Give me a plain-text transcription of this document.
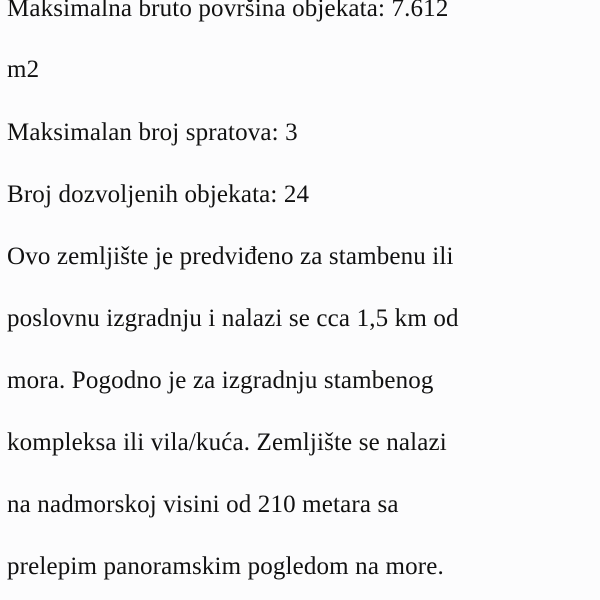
Maksimalna bruto površina objekata: 7.612

m2

Maksimalan broj spratova: 3

Broj dozvoljenih objekata: 24

Ovo zemljište je predviđeno za stambenu ili

poslovnu izgradnju i nalazi se cca 1,5 km od

mora. Pogodno je za izgradnju stambenog

kompleksa ili vila/kuća. Zemljište se nalazi

na nadmorskoj visini od 210 metara sa

prelepim panoramskim pogledom na more.
